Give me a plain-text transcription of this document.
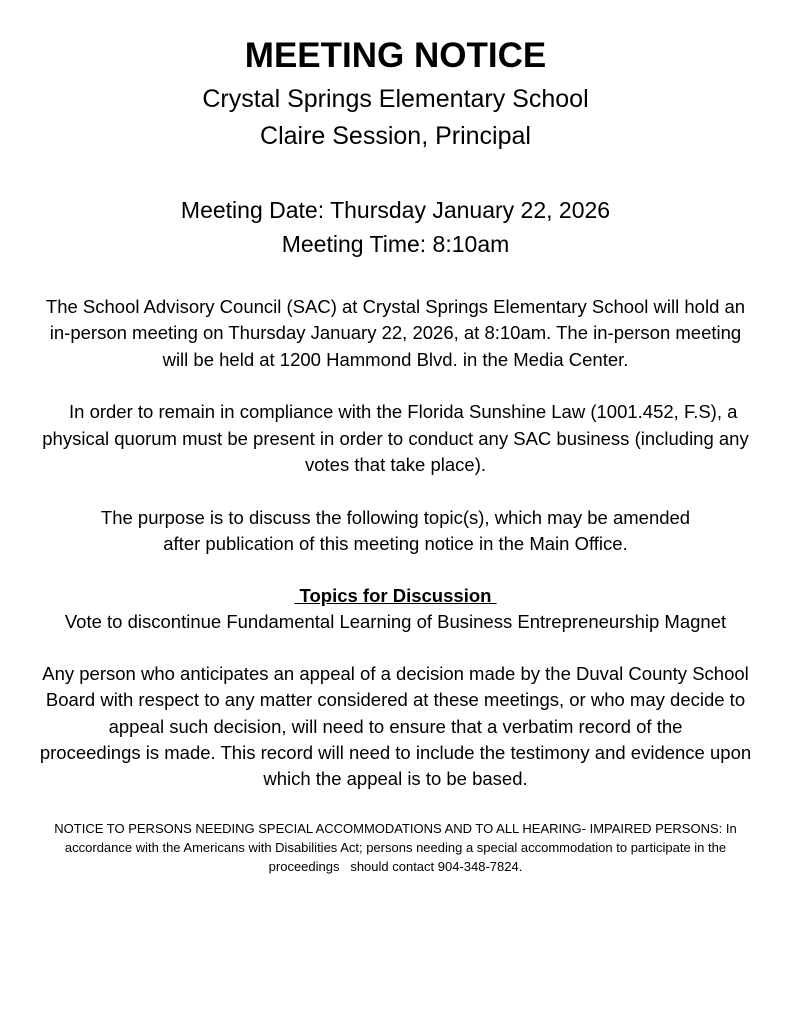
MEETING NOTICE
Crystal Springs Elementary School
Claire Session, Principal
Meeting Date: Thursday January 22, 2026
Meeting Time: 8:10am
The School Advisory Council (SAC) at Crystal Springs Elementary School will hold an
in-person meeting on Thursday January 22, 2026, at 8:10am. The in-person meeting
will be held at 1200 Hammond Blvd. in the Media Center.
In order to remain in compliance with the Florida Sunshine Law (1001.452, F.S), a
physical quorum must be present in order to conduct any SAC business (including any
votes that take place).
The purpose is to discuss the following topic(s), which may be amended
after publication of this meeting notice in the Main Office.
Topics for Discussion
Vote to discontinue Fundamental Learning of Business Entrepreneurship Magnet
Any person who anticipates an appeal of a decision made by the Duval County School
Board with respect to any matter considered at these meetings, or who may decide to
appeal such decision, will need to ensure that a verbatim record of the
proceedings is made. This record will need to include the testimony and evidence upon
which the appeal is to be based.
NOTICE TO PERSONS NEEDING SPECIAL ACCOMMODATIONS AND TO ALL HEARING- IMPAIRED PERSONS: In
accordance with the Americans with Disabilities Act; persons needing a special accommodation to participate in the
proceedings   should contact 904-348-7824.
